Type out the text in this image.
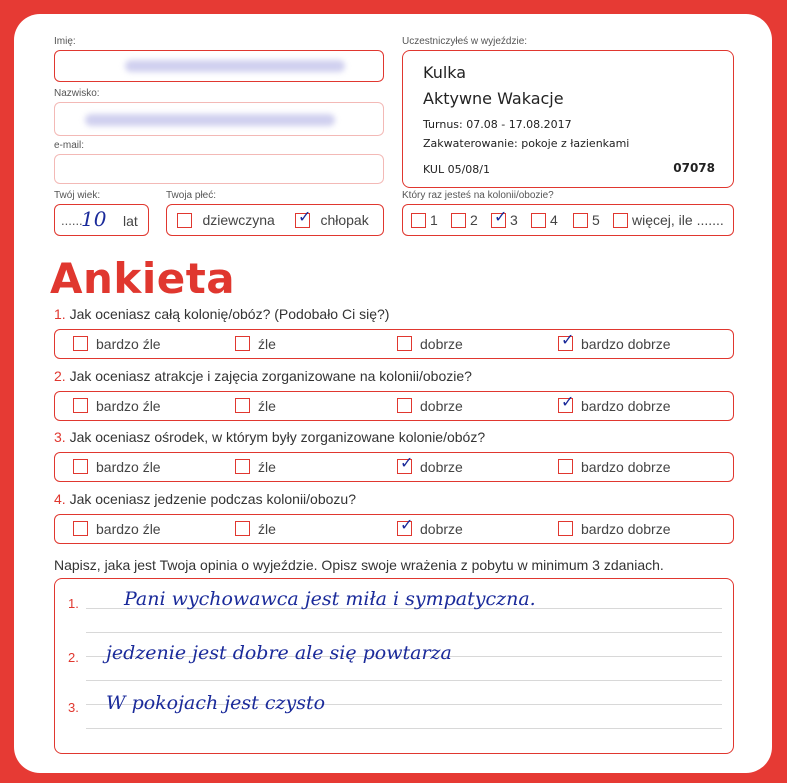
Imię:
Nazwisko:
e-mail:
Twój wiek:
......
10 lat
Twoja płeć:
dziewczyna ✓ chłopak
Uczestniczyłeś w wyjeździe:
Kulka
Aktywne Wakacje
Turnus: 07.08 - 17.08.2017
Zakwaterowanie: pokoje z łazienkami
KUL 05/08/1	07078
Który raz jesteś na kolonii/obozie?
1	2 ✓ 3	4	5	więcej, ile .......
Ankieta
1. Jak oceniasz całą kolonię/obóz? (Podobało Ci się?)
bardzo źle	źle	dobrze	✓ bardzo dobrze
2. Jak oceniasz atrakcje i zajęcia zorganizowane na kolonii/obozie?
bardzo źle	źle	dobrze	✓ bardzo dobrze
3. Jak oceniasz ośrodek, w którym były zorganizowane kolonie/obóz?
bardzo źle	źle	✓ dobrze	bardzo dobrze
4. Jak oceniasz jedzenie podczas kolonii/obozu?
bardzo źle	źle	✓ dobrze	bardzo dobrze
Napisz, jaka jest Twoja opinia o wyjeździe. Opisz swoje wrażenia z pobytu w minimum 3 zdaniach.
1. Pani wychowawca jest miła i sympatyczna.
2. jedzenie jest dobre ale się powtarza
3. W pokojach jest czysto
